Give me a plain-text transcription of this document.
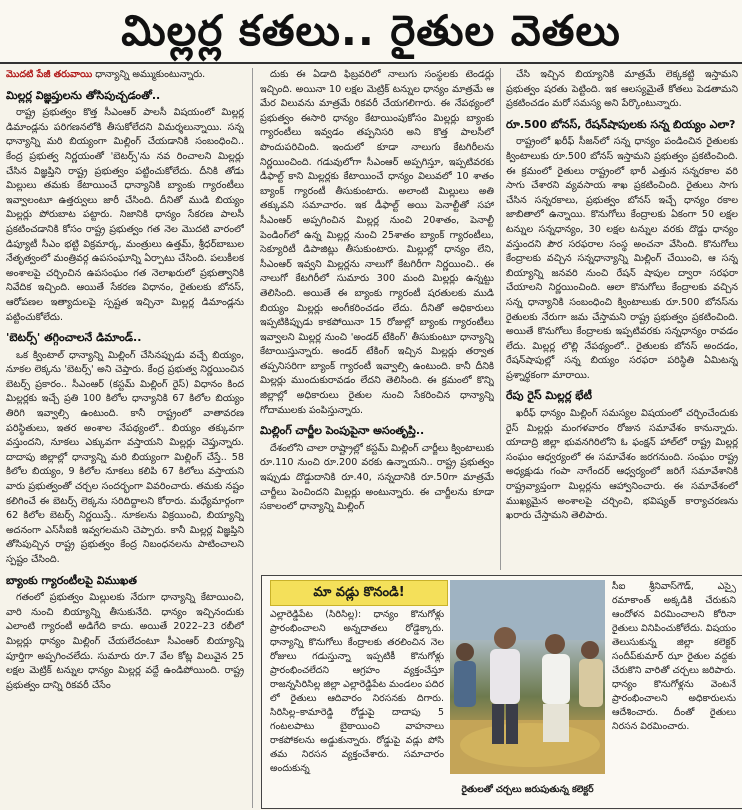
మిల్లర్ల కతలు.. రైతుల వెతలు

మొదటి పేజీ తరువాయి ధాన్యాన్ని అమ్ముకుంటున్నారు.

మిల్లర్ల విజ్ఞప్తులను తోసిపుచ్చడంతో..

రాష్ట్ర ప్రభుత్వం కొత్త సీఎంఆర్ పాలసీ విషయంలో మిల్లర్ల డిమాండ్లను పరిగణనలోకి తీసుకోలేదని విమర్శలున్నాయి. సన్న ధాన్యాన్ని మరి బియ్యంగా మిల్లింగ్ చేయడానికి సంబంధించి.. కేంద్ర ప్రభుత్వ నిర్ణయంతో 'బెటర్స్'ను నవ రించాలని మిల్లర్లు చేసిన విజ్ఞప్తిని రాష్ట్ర ప్రభుత్వం పట్టించుకోలేదు. దీనికి తోడు మిల్లులు తమకు కేటాయించే ధాన్యానికి బ్యాంకు గ్యారంటీలు ఇవ్వాలంటూ ఉత్తర్వులు జారీ చేసింది. దీనితో ముడి బియ్యం మిల్లర్లు పోరుబాట పట్టారు. నిజానికి ధాన్యం సేకరణ పాలసీ ప్రకటించడానికి కోసం రాష్ట్ర ప్రభుత్వం గత నెల మొదటి వారంలో డిప్యూటీ సీఎం భట్టి విక్రమార్క, మంత్రులు ఉత్తమ్, శ్రీధర్‌బాబుల నేతృత్వంలో మంత్రివర్గ ఉపసంఘాన్ని ఏర్పాటు చేసింది. పలుకీలక అంశాలపై చర్చించిన ఉపసంఘం గత నెలాఖరులో ప్రభుత్వానికి నివేదిక ఇచ్చింది. ఆయితే సేకరణ విధానం, రైతులకు బోనస్, ఆరోపణల ఇత్యాదులపై స్పష్టత ఇచ్చినా మిల్లర్ల డిమాండ్లను పట్టించుకోలేదు.

'బెటర్స్' తగ్గించాలనే డిమాండ్..

ఒక క్వింటాల్ ధాన్యాన్ని మిల్లింగ్ చేసినప్పుడు వచ్చే బియ్యం, నూకల లెక్కను 'బెటర్స్' అని చెప్తారు. కేంద్ర ప్రభుత్వ నిర్ణయించిన బెటర్స్ ప్రకారం.. సీఎంఆర్ (కస్టమ్ మిల్లింగ్ రైస్) విధానం కింద మిల్లర్లకు ఇచ్చే ప్రతి 100 కిలోల ధాన్యానికి 67 కిలోల బియ్యం తిరిగి ఇవ్వాల్సి ఉంటుంది. కానీ రాష్ట్రంలో వాతావరణ పరిస్థితులు, ఇతర అంశాల నేపథ్యంలో.. బియ్యం తక్కువగా వస్తుందని, నూకలు ఎక్కువగా వస్తాయని మిల్లర్లు చెప్తున్నారు. దాదాపు జిల్లాల్లో ధాన్యాన్ని మరి బియ్యంగా మిల్లింగ్ చేస్తే.. 58 కిలోల బియ్యం, 9 కిలోల నూకలు కలిపి 67 కిలోలు వస్తాయని వారు ప్రభుత్వంతో చర్చల సందర్భంగా వివరించారు. తమకు నష్టం కలిగించే ఈ బెటర్స్ లెక్కను సరిదిద్దాలని కోరారు. మధ్యేమార్గంగా 62 కిలోల బెటర్స్ నిర్ణయిస్తే.. నూకలను విక్రయించి, బియ్యాన్ని అదనంగా ఎస్‌సీఐకి ఇవ్వగలమని చెప్పారు. కానీ మిల్లర్ల విజ్ఞప్తిని తోసిపుచ్చిన రాష్ట్ర ప్రభుత్వం కేంద్ర నిబంధనలను పాటించాలని స్పష్టం చేసింది.

బ్యాంకు గ్యారంటీలపై విముఖత

గతంలో ప్రభుత్వం మిల్లులకు నేరుగా ధాన్యాన్ని కేటాయించి, వారి నుంచి బియ్యాన్ని తీసుకునేది. ధాన్యం ఇచ్చినందుకు ఎలాంటి గ్యారంటీ అడిగేది కాదు. అయితే 2022–23 రబీలో మిల్లర్లు ధాన్యం మిల్లింగ్ చేయలేదంటూ సీఎంఆర్ బియ్యాన్ని పూర్తిగా అప్పగించలేదు. సుమారు రూ.7 వేల కోట్ల విలువైన 25 లక్షల మెట్రిక్ టన్నుల ధాన్యం మిల్లర్ల వద్దే ఉండిపోయింది. రాష్ట్ర ప్రభుత్వం దాన్ని రికవరీ చేసేం

దుకు ఈ ఏడాది ఫిబ్రవరిలో నాలుగు సంస్థలకు టెండర్లు ఇచ్చింది. అయినా 10 లక్షల మెట్రిక్ టన్నుల ధాన్యం మాత్రమే ఆ మేర విలువను మాత్రమే రికవరీ చేయగలిగారు. ఈ నేపథ్యంలో ప్రభుత్వం ఈసారి ధాన్యం కేటాయింపుకోసం మిల్లర్లు బ్యాంకు గ్యారంటీలు ఇవ్వడం తప్పనిసరి అని కొత్త పాలసీలో పొందుపరిచింది. ఇందులో కూడా నాలుగు కేటగిరీలను నిర్ణయించింది. గడువులోగా సీఎంఆర్ అప్పగిస్తూ, ఇప్పటివరకు డీఫాల్ట్ కాని మిల్లర్లకు కేటాయించే ధాన్యం విలువలో 10 శాతం బ్యాంక్ గ్యారంటీ తీసుకుంటారు. అలాంటి మిల్లులు అతి తక్కువని సమాచారం. ఇక డీఫాల్ట్ అయి పెనాల్టీతో సహా సీఎంఆర్ అప్పగించిన మిల్లర్ల నుంచి 20శాతం, పెనాల్టీ పెండింగ్‌లో ఉన్న మిల్లర్ల నుంచి 25శాతం బ్యాంక్ గ్యారంటీలు, సెక్యూరిటీ డిపాజిట్లు తీసుకుంటారు. మిల్లుల్లో ధాన్యం లేని, సీఎంఆర్ ఇవ్వని మిల్లర్లను నాలుగో కేటగిరీగా నిర్ణయించి.. ఈ నాలుగో కేటగిరీలో సుమారు 300 మంది మిల్లర్లు ఉన్నట్టు తెలిసింది. అయితే ఈ బ్యాంకు గ్యారంటీ షరతులకు ముడి బియ్యం మిల్లర్లు అంగీకరించడం లేదు. దీనితో అధికారులు ఇప్పటికిప్పుడు కాకపోయినా 15 రోజుల్లో బ్యాంకు గ్యారంటీలు ఇవ్వాలని మిల్లర్ల నుంచి 'అండర్ టేకింగ్' తీసుకుంటూ ధాన్యాన్ని కేటాయిస్తున్నారు. అండర్ టేకింగ్ ఇచ్చిన మిల్లర్లు తర్వాత తప్పనిసరిగా బ్యాంక్ గ్యారంటీ ఇవ్వాల్సి ఉంటుంది. కానీ దీనికి మిల్లర్లు ముందుకురావడం లేదని తెలిసింది. ఈ క్రమంలో కొన్ని జిల్లాల్లో అధికారులు రైతుల నుంచి సేకరించిన ధాన్యాన్ని గోదాములకు పంపిస్తున్నారు.

మిల్లింగ్ చార్జీల పెంపుపైనా అసంతృప్తి..

దేశంలోని చాలా రాష్ట్రాల్లో కస్టమ్ మిల్లింగ్ చార్జీలు క్వింటాలుకు రూ.110 నుంచి రూ.200 వరకు ఉన్నాయని.. రాష్ట్ర ప్రభుత్వం ఇప్పుడు దొడ్డుదానికి రూ.40, సన్నదానికి రూ.50గా మాత్రమే చార్జీలు పెంచిందని మిల్లర్లు అంటున్నారు. ఈ చార్జీలను కూడా సకాలంలో ధాన్యాన్ని మిల్లింగ్

చేసి ఇచ్చిన బియ్యానికి మాత్రమే లెక్కకట్టి ఇస్తామని ప్రభుత్వం షరతు పెట్టింది. ఇక ఆలస్యమైతే కోతలు పెడతామని ప్రకటించడం మరో సమస్య అని పేర్కొంటున్నారు.

రూ.500 బోనస్, రేషన్‌షాపులకు సన్న బియ్యం ఎలా?

రాష్ట్రంలో ఖరీఫ్ సీజన్‌లో సన్న ధాన్యం పండించిన రైతులకు క్వింటాలుకు రూ.500 బోనస్ ఇస్తామని ప్రభుత్వం ప్రకటించింది. ఈ క్రమంలో రైతులు రాష్ట్రంలో భారీ ఎత్తున సన్నరకాల వరి సాగు చేశారని వ్యవసాయ శాఖ ప్రకటించింది. రైతులు సాగు చేసిన సన్నరకాలు, ప్రభుత్వం బోనస్ ఇచ్చే ధాన్యం రకాల జాబితాలో ఉన్నాయి. కొనుగోలు కేంద్రాలకు ఏకంగా 50 లక్షల టన్నుల సన్నధాన్యం, 30 లక్షల టన్నుల వరకు దొడ్డు ధాన్యం వస్తుందని పౌర సరఫరాల సంస్థ అంచనా వేసింది. కొనుగోలు కేంద్రాలకు వచ్చిన సన్నధాన్యాన్ని మిల్లింగ్ చేయించి, ఆ సన్న బియ్యాన్ని జనవరి నుంచి రేషన్ షాపుల ద్వారా సరఫరా చేయాలని నిర్ణయించింది. ఆలా కొనుగోలు కేంద్రాలకు వచ్చిన సన్న ధాన్యానికి సంబంధించి క్వింటాలుకు రూ.500 బోనస్‌ను రైతులకు నేరుగా జమ చేస్తామని రాష్ట్ర ప్రభుత్వం ప్రకటించింది. అయితే కొనుగోలు కేంద్రాలకు ఇప్పటివరకు సన్నధాన్యం రావడం లేదు. మిల్లర్ల లొల్లి నేపథ్యంలో.. రైతులకు బోనస్ అందడం, రేషన్‌షాపుల్లో సన్న బియ్యం సరఫరా పరిస్థితి ఏమిటన్న ప్రశ్నార్థకంగా మారాయి.

రేపు రైస్ మిల్లర్ల భేటీ

ఖరీఫ్ ధాన్యం మిల్లింగ్ సమస్యల విషయంలో చర్చించేందుకు రైస్ మిల్లర్లు మంగళవారం రోజున సమావేశం కానున్నారు. యాదాద్రి జిల్లా భువనగిరిలోని ఓ ఫంక్షన్ హాల్‌లో రాష్ట్ర మిల్లర్ల సంఘం ఆధ్వర్యంలో ఈ సమావేశం జరగనుంది. సంఘం రాష్ట్ర అధ్యక్షుడు గంపా నాగేందర్ ఆధ్వర్యంలో జరిగే సమావేశానికి రాష్ట్రవ్యాప్తంగా మిల్లర్లను ఆహ్వానించారు. ఈ సమావేశంలో ముఖ్యమైన అంశాలపై చర్చించి, భవిష్యత్ కార్యాచరణను ఖరారు చేస్తామని తెలిపారు.

మా వడ్లు కొనండి!
ఎల్లారెడ్డిపేట (సిరిసిల్ల): ధాన్యం కొనుగోళ్లు ప్రారంభించాలని అన్నదాతలు రోడ్డెక్కారు. ధాన్యాన్ని కొనుగోలు కేంద్రాలకు తరలించిన నెల రోజులు గడుస్తున్నా ఇప్పటికీ కొనుగోళ్లు ప్రారంభించలేదని ఆగ్రహం వ్యక్తంచేస్తూ రాజన్నసిరిసిల్ల జిల్లా ఎల్లారెడ్డిపేట మండలం పదిర లో రైతులు ఆదివారం నిరసనకు దిగారు. సిరిసిల్ల–కామారెడ్డి రోడ్డుపై దాదాపు 5 గంటలపాటు బైఠాయించి వాహనాలు రాకపోకలను అడ్డుకున్నారు. రోడ్డుపై వడ్లు పోసి తమ నిరసన వ్యక్తంచేశారు. సమాచారం అందుకున్న
రైతులతో చర్చలు జరుపుతున్న కలెక్టర్
సీఐ శ్రీనివాస్‌గౌడ్, ఎస్సై రమాకాంత్ అక్కడికి చేరుకుని ఆందోళన విరమించాలని కోరినా రైతులు వినిపించుకోలేదు. విషయం తెలుసుకున్న జిల్లా కలెక్టర్ సందీప్‌కుమార్ ఝా రైతుల వద్దకు చేరుకొని వారితో చర్చలు జరిపారు. ధాన్యం కొనుగోళ్లను వెంటనే ప్రారంభించాలని అధికారులను ఆదేశించారు. దీంతో రైతులు నిరసన విరమించారు.
